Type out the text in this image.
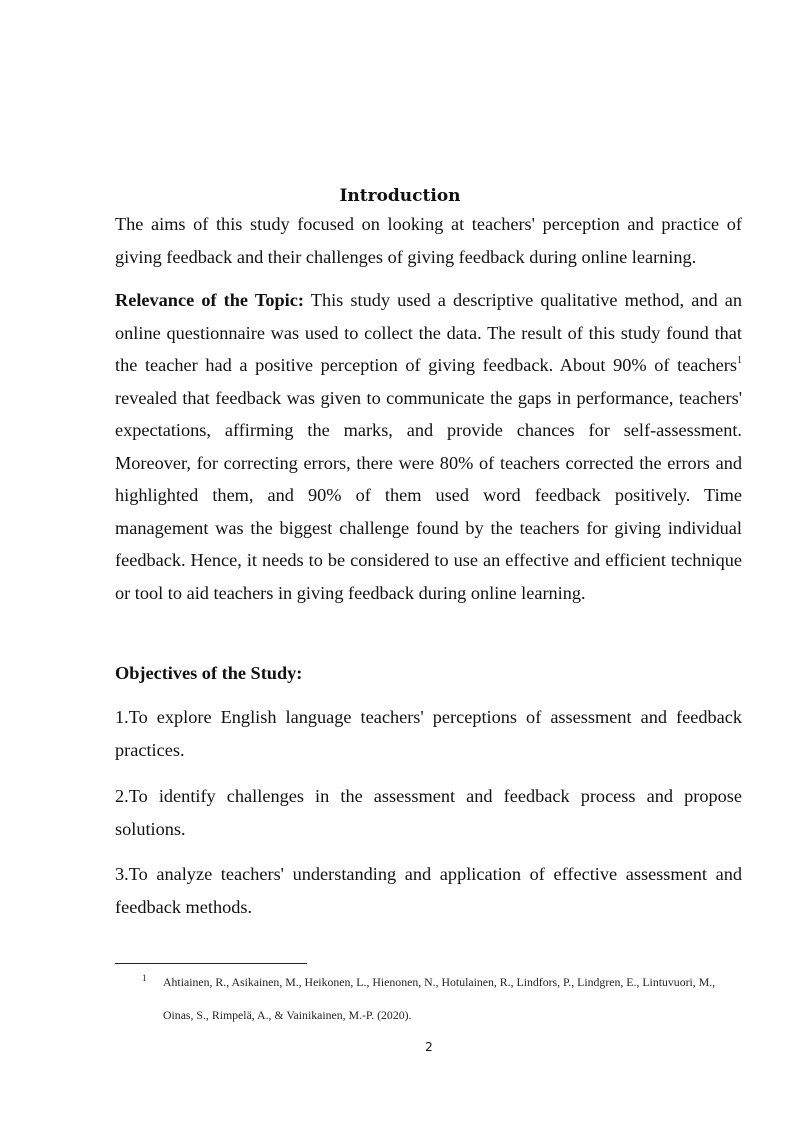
Introduction

The aims of this study focused on looking at teachers' perception and practice of giving feedback and their challenges of giving feedback during online learning.

Relevance of the Topic: This study used a descriptive qualitative method, and an online questionnaire was used to collect the data. The result of this study found that the teacher had a positive perception of giving feedback. About 90% of teachers$^1$ revealed that feedback was given to communicate the gaps in performance, teachers' expectations, affirming the marks, and provide chances for self-assessment. Moreover, for correcting errors, there were 80% of teachers corrected the errors and highlighted them, and 90% of them used word feedback positively. Time management was the biggest challenge found by the teachers for giving individual feedback. Hence, it needs to be considered to use an effective and efficient technique or tool to aid teachers in giving feedback during online learning.

Objectives of the Study:

1.To explore English language teachers' perceptions of assessment and feedback practices.

2.To identify challenges in the assessment and feedback process and propose solutions.

3.To analyze teachers' understanding and application of effective assessment and feedback methods.

1 Ahtiainen, R., Asikainen, M., Heikonen, L., Hienonen, N., Hotulainen, R., Lindfors, P., Lindgren, E., Lintuvuori, M.,
Oinas, S., Rimpelä, A., & Vainikainen, M.-P. (2020).

2
